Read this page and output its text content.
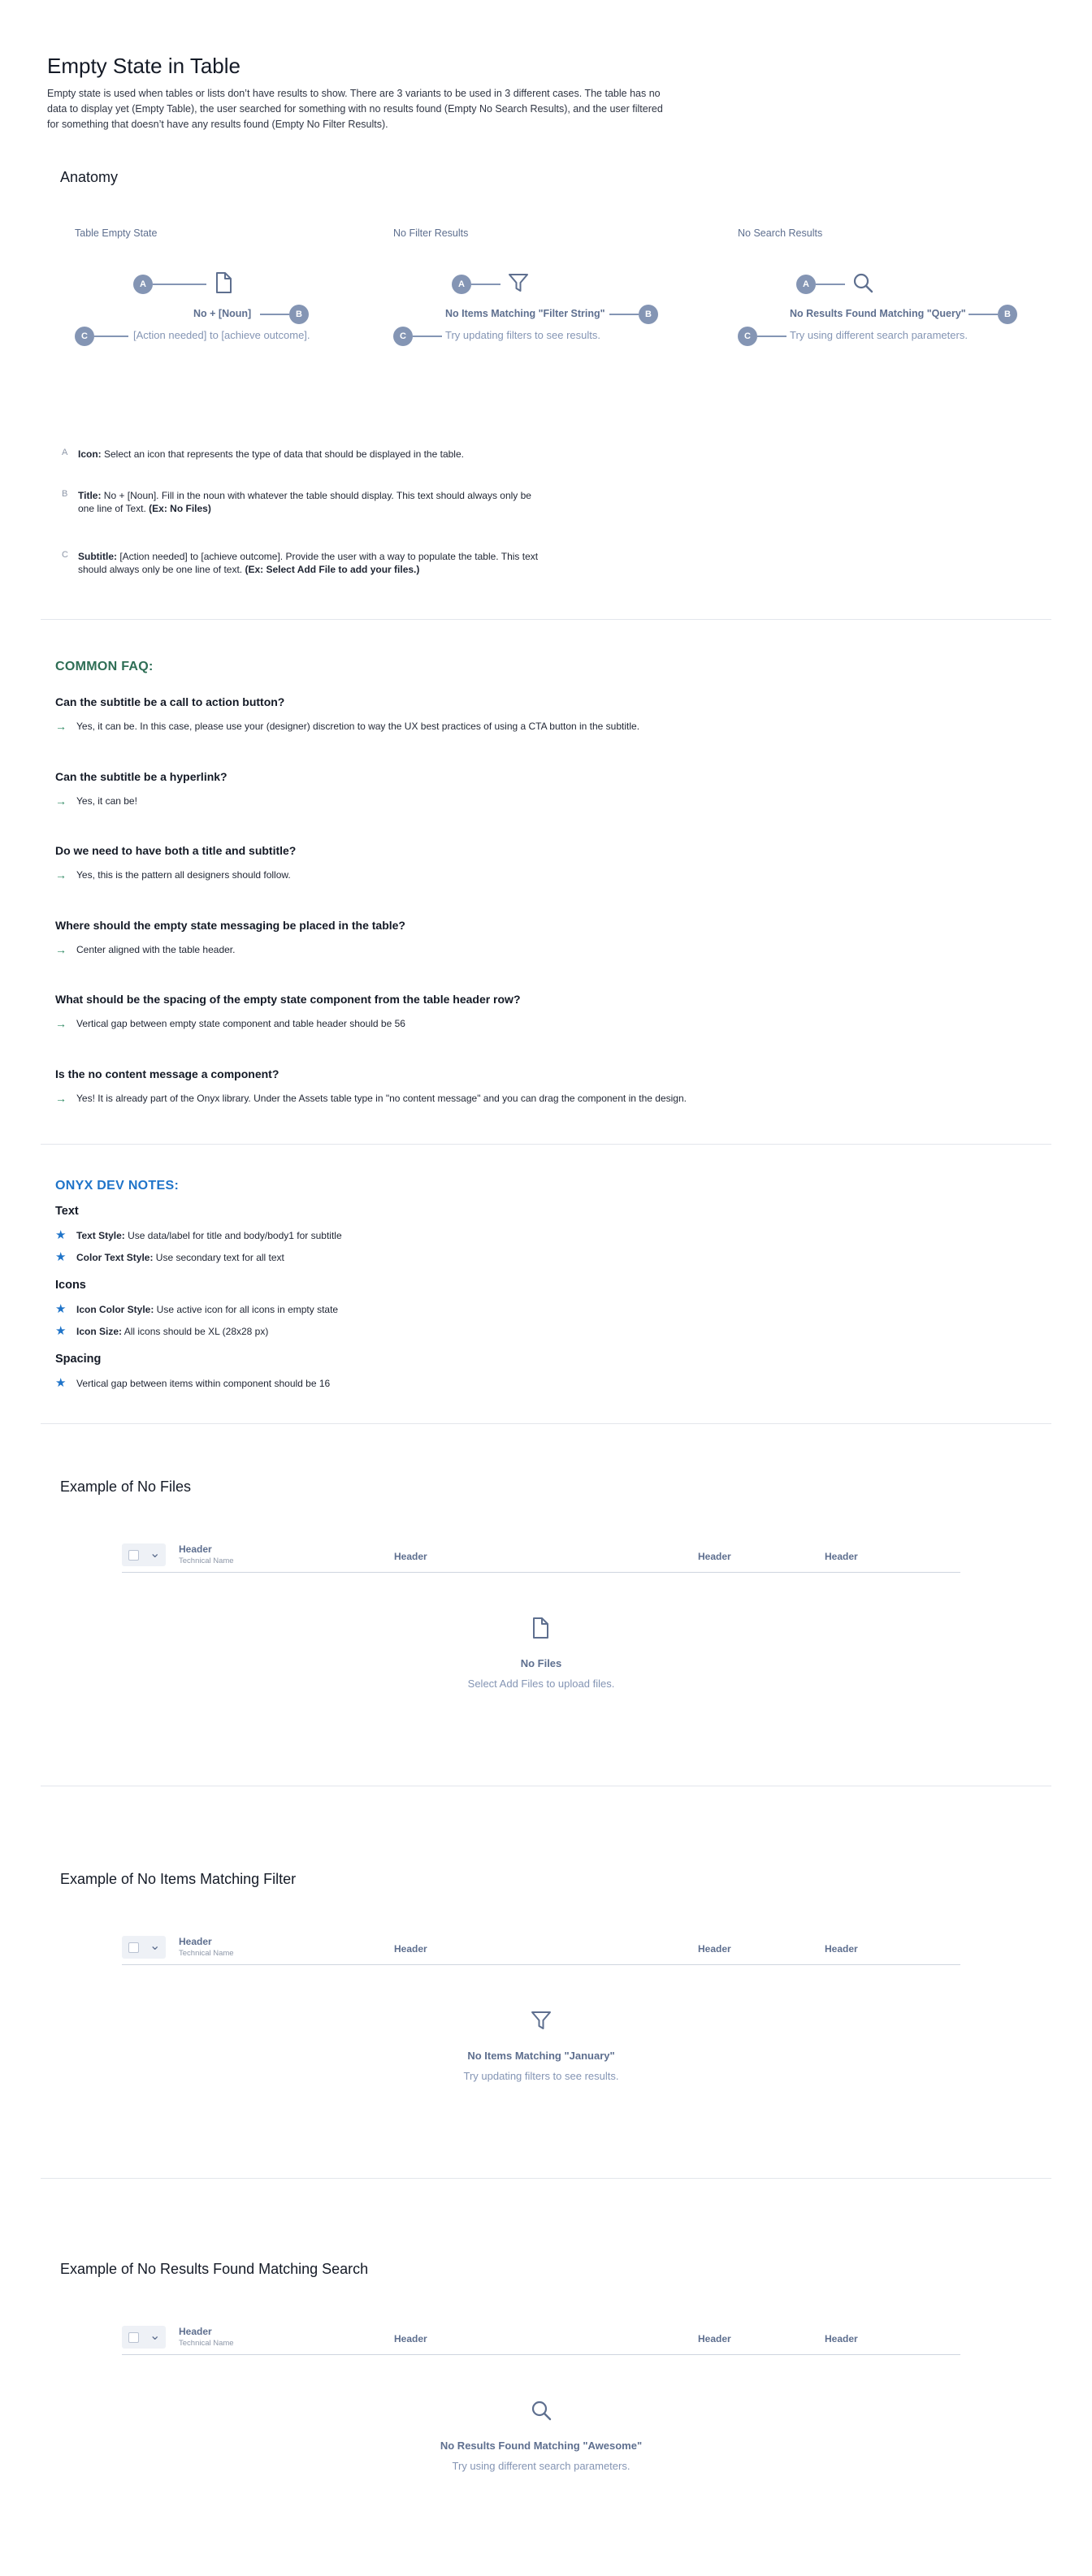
Empty State in Table
Empty state is used when tables or lists don’t have results to show. There are 3 variants to be used in 3 different cases. The table has no data to display yet (Empty Table), the user searched for something with no results found (Empty No Search Results), and the user filtered for something that doesn’t have any results found (Empty No Filter Results).
Anatomy
Table Empty State
A
No + [Noun]	B
C	[Action needed] to [achieve outcome].
No Filter Results
A
No Items Matching "Filter String"	B
C	Try updating filters to see results.
No Search Results
A
No Results Found Matching "Query"	B
C	Try using different search parameters.
A Icon: Select an icon that represents the type of data that should be displayed in the table.
B Title: No + [Noun]. Fill in the noun with whatever the table should display. This text should always only be one line of Text. (Ex: No Files)
C Subtitle: [Action needed] to [achieve outcome]. Provide the user with a way to populate the table. This text should always only be one line of text. (Ex: Select Add File to add your files.)
COMMON FAQ:
Can the subtitle be a call to action button?
→ Yes, it can be. In this case, please use your (designer) discretion to way the UX best practices of using a CTA button in the subtitle.
Can the subtitle be a hyperlink?
→ Yes, it can be!
Do we need to have both a title and subtitle?
→ Yes, this is the pattern all designers should follow.
Where should the empty state messaging be placed in the table?
→ Center aligned with the table header.
What should be the spacing of the empty state component from the table header row?
→ Vertical gap between empty state component and table header should be 56
Is the no content message a component?
→ Yes! It is already part of the Onyx library. Under the Assets table type in "no content message" and you can drag the component in the design.
ONYX DEV NOTES:
Text
★ Text Style: Use data/label for title and body/body1 for subtitle
★ Color Text Style: Use secondary text for all text
Icons
★ Icon Color Style: Use active icon for all icons in empty state
★ Icon Size: All icons should be XL (28x28 px)
Spacing
★ Vertical gap between items within component should be 16
Example of No Files
⌄ Header
Technical Name	Header	Header	Header
No Files
Select Add Files to upload files.
Example of No Items Matching Filter
⌄ Header
Technical Name	Header	Header	Header
No Items Matching "January"
Try updating filters to see results.
Example of No Results Found Matching Search
⌄ Header
Technical Name	Header	Header	Header
No Results Found Matching "Awesome"
Try using different search parameters.
